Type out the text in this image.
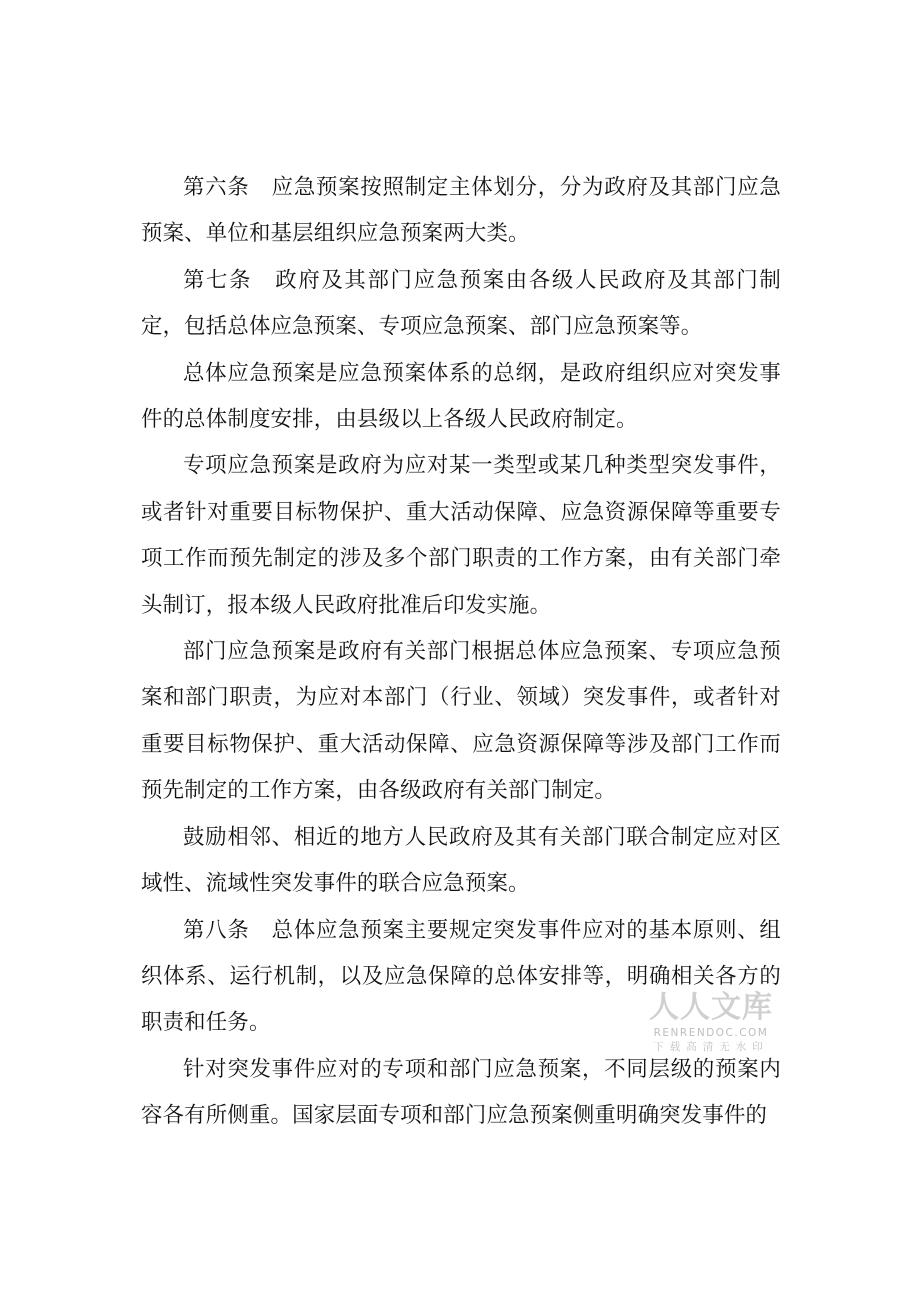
第六条　应急预案按照制定主体划分，分为政府及其部门应急预案、单位和基层组织应急预案两大类。

第七条　政府及其部门应急预案由各级人民政府及其部门制定，包括总体应急预案、专项应急预案、部门应急预案等。

总体应急预案是应急预案体系的总纲，是政府组织应对突发事件的总体制度安排，由县级以上各级人民政府制定。

专项应急预案是政府为应对某一类型或某几种类型突发事件，或者针对重要目标物保护、重大活动保障、应急资源保障等重要专项工作而预先制定的涉及多个部门职责的工作方案，由有关部门牵头制订，报本级人民政府批准后印发实施。

部门应急预案是政府有关部门根据总体应急预案、专项应急预案和部门职责，为应对本部门（行业、领域）突发事件，或者针对重要目标物保护、重大活动保障、应急资源保障等涉及部门工作而预先制定的工作方案，由各级政府有关部门制定。

鼓励相邻、相近的地方人民政府及其有关部门联合制定应对区域性、流域性突发事件的联合应急预案。

第八条　总体应急预案主要规定突发事件应对的基本原则、组织体系、运行机制，以及应急保障的总体安排等，明确相关各方的职责和任务。

针对突发事件应对的专项和部门应急预案，不同层级的预案内容各有所侧重。国家层面专项和部门应急预案侧重明确突发事件的

人人文库
RENRENDOC.COM
下载高清无水印
